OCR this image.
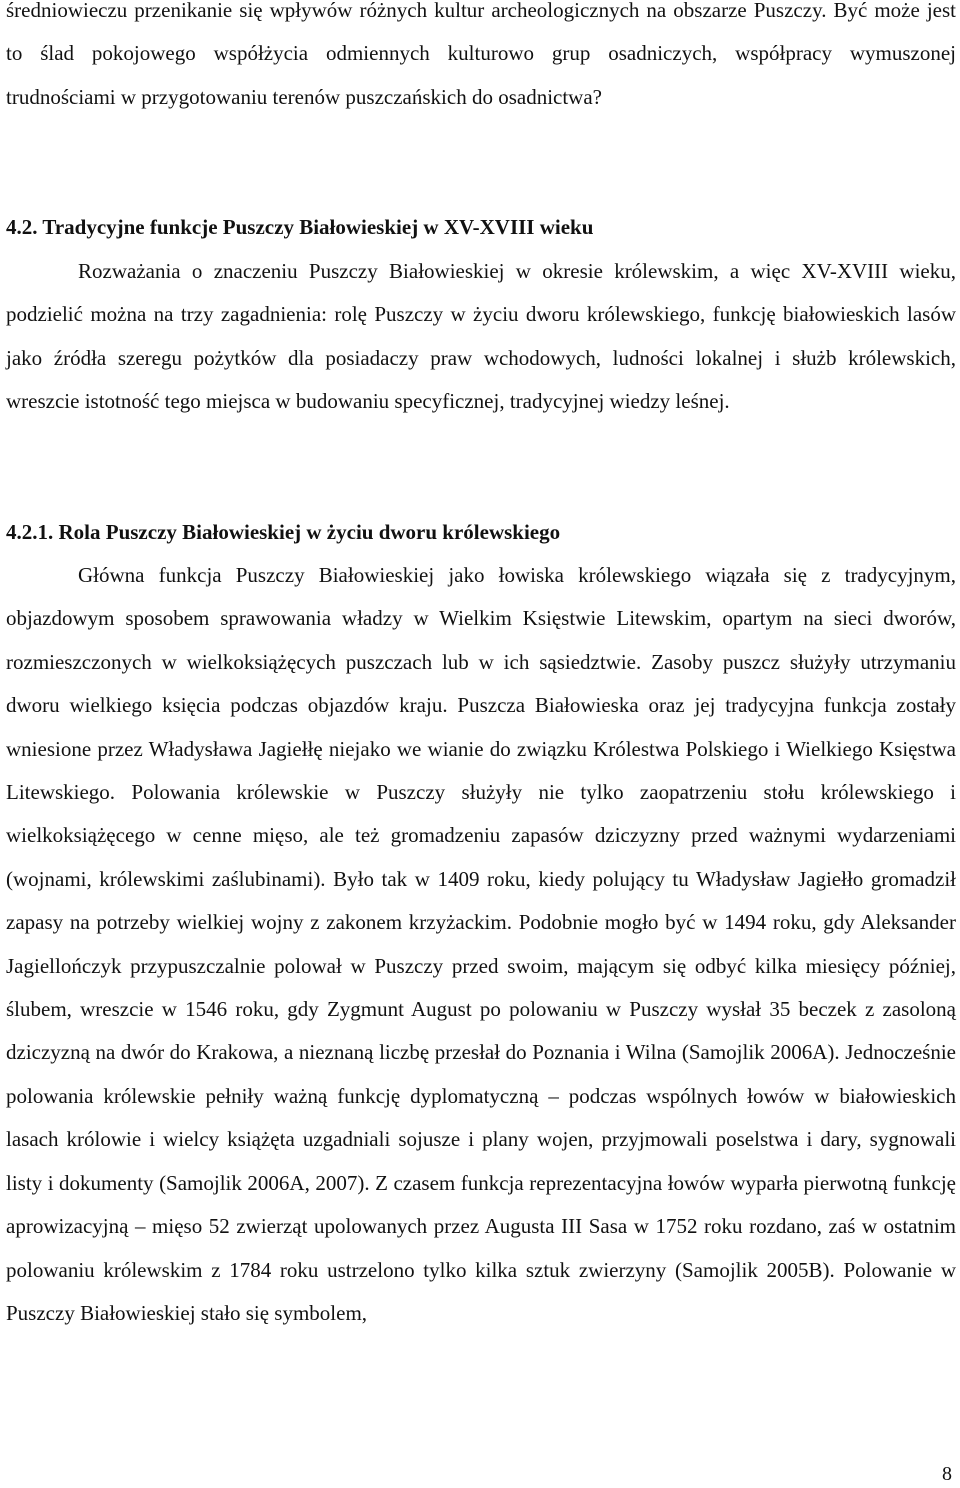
średniowieczu przenikanie się wpływów różnych kultur archeologicznych na obszarze Puszczy. Być może jest to ślad pokojowego współżycia odmiennych kulturowo grup osadniczych, współpracy wymuszonej trudnościami w przygotowaniu terenów puszczańskich do osadnictwa?

4.2. Tradycyjne funkcje Puszczy Białowieskiej w XV-XVIII wieku

Rozważania o znaczeniu Puszczy Białowieskiej w okresie królewskim, a więc XV-XVIII wieku, podzielić można na trzy zagadnienia: rolę Puszczy w życiu dworu królewskiego, funkcję białowieskich lasów jako źródła szeregu pożytków dla posiadaczy praw wchodowych, ludności lokalnej i służb królewskich, wreszcie istotność tego miejsca w budowaniu specyficznej, tradycyjnej wiedzy leśnej.

4.2.1. Rola Puszczy Białowieskiej w życiu dworu królewskiego

Główna funkcja Puszczy Białowieskiej jako łowiska królewskiego wiązała się z tradycyjnym, objazdowym sposobem sprawowania władzy w Wielkim Księstwie Litewskim, opartym na sieci dworów, rozmieszczonych w wielkoksiążęcych puszczach lub w ich sąsiedztwie. Zasoby puszcz służyły utrzymaniu dworu wielkiego księcia podczas objazdów kraju. Puszcza Białowieska oraz jej tradycyjna funkcja zostały wniesione przez Władysława Jagiełłę niejako we wianie do związku Królestwa Polskiego i Wielkiego Księstwa Litewskiego. Polowania królewskie w Puszczy służyły nie tylko zaopatrzeniu stołu królewskiego i wielkoksiążęcego w cenne mięso, ale też gromadzeniu zapasów dziczyzny przed ważnymi wydarzeniami (wojnami, królewskimi zaślubinami). Było tak w 1409 roku, kiedy polujący tu Władysław Jagiełło gromadził zapasy na potrzeby wielkiej wojny z zakonem krzyżackim. Podobnie mogło być w 1494 roku, gdy Aleksander Jagiellończyk przypuszczalnie polował w Puszczy przed swoim, mającym się odbyć kilka miesięcy później, ślubem, wreszcie w 1546 roku, gdy Zygmunt August po polowaniu w Puszczy wysłał 35 beczek z zasoloną dziczyzną na dwór do Krakowa, a nieznaną liczbę przesłał do Poznania i Wilna (Samojlik 2006A). Jednocześnie polowania królewskie pełniły ważną funkcję dyplomatyczną – podczas wspólnych łowów w białowieskich lasach królowie i wielcy książęta uzgadniali sojusze i plany wojen, przyjmowali poselstwa i dary, sygnowali listy i dokumenty (Samojlik 2006A, 2007). Z czasem funkcja reprezentacyjna łowów wyparła pierwotną funkcję aprowizacyjną – mięso 52 zwierząt upolowanych przez Augusta III Sasa w 1752 roku rozdano, zaś w ostatnim polowaniu królewskim z 1784 roku ustrzelono tylko kilka sztuk zwierzyny (Samojlik 2005B). Polowanie w Puszczy Białowieskiej stało się symbolem,

8
